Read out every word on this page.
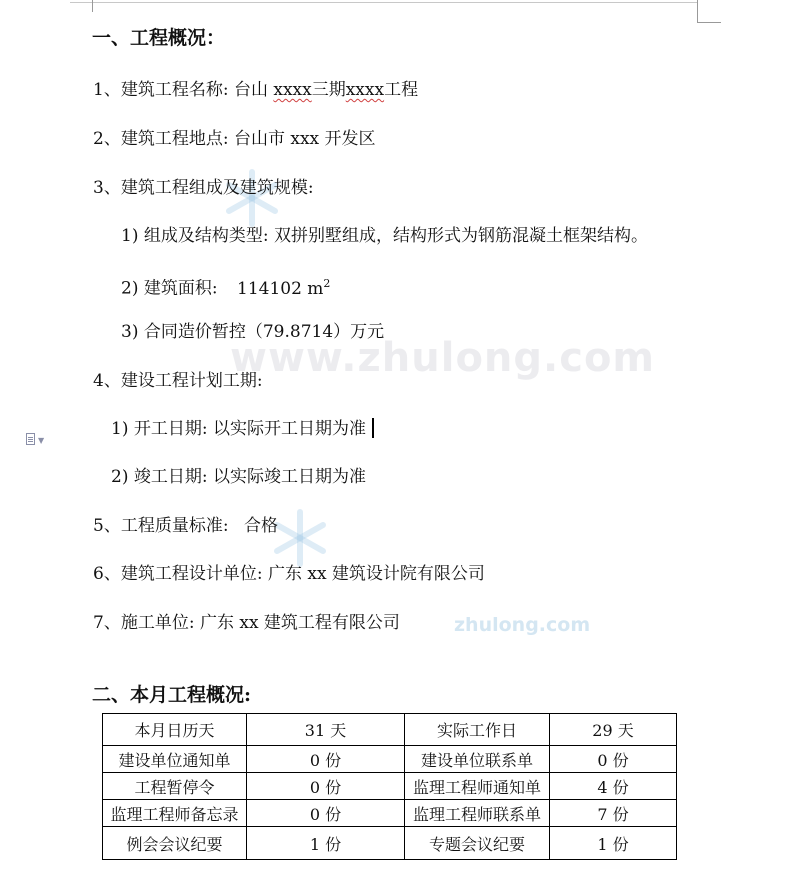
www.zhulong.com
zhulong.com
一、工程概况：
1、建筑工程名称: 台山 xxxx三期xxxx工程
2、建筑工程地点: 台山市 xxx 开发区
3、建筑工程组成及建筑规模:
1) 组成及结构类型: 双拼别墅组成，结构形式为钢筋混凝土框架结构。
2) 建筑面积: 114102 $m^2$
3) 合同造价暂控（79.8714）万元
4、建设工程计划工期:
1) 开工日期: 以实际开工日期为准
2) 竣工日期: 以实际竣工日期为准
5、工程质量标准: 合格
6、建筑工程设计单位: 广东 xx 建筑设计院有限公司
7、施工单位: 广东 xx 建筑工程有限公司
二、本月工程概况:
本月日历天	31 天	实际工作日	29 天
建设单位通知单	0 份	建设单位联系单	0 份
工程暂停令	0 份	监理工程师通知单	4 份
监理工程师备忘录	0 份	监理工程师联系单	7 份
例会会议纪要	1 份	专题会议纪要	1 份
▼
